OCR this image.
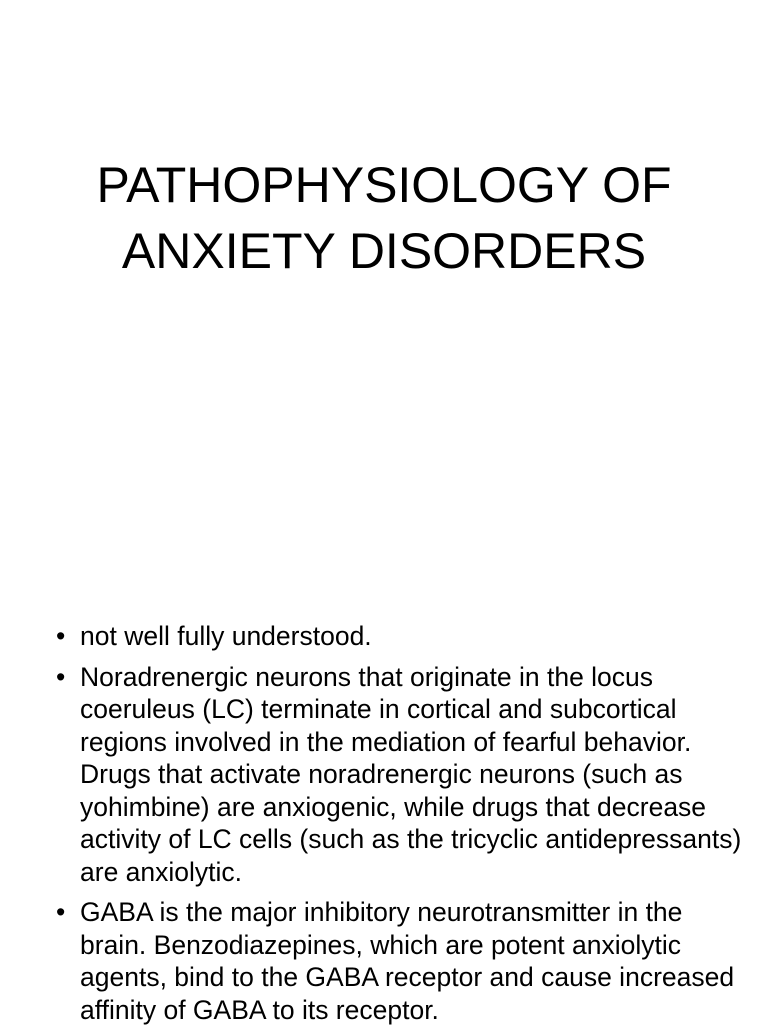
PATHOPHYSIOLOGY OF
ANXIETY DISORDERS
• not well fully understood.
• Noradrenergic neurons that originate in the locus coeruleus (LC) terminate in cortical and subcortical regions involved in the mediation of fearful behavior. Drugs that activate noradrenergic neurons (such as yohimbine) are anxiogenic, while drugs that decrease activity of LC cells (such as the tricyclic antidepressants) are anxiolytic.
• GABA is the major inhibitory neurotransmitter in the brain. Benzodiazepines, which are potent anxiolytic agents, bind to the GABA receptor and cause increased affinity of GABA to its receptor.
